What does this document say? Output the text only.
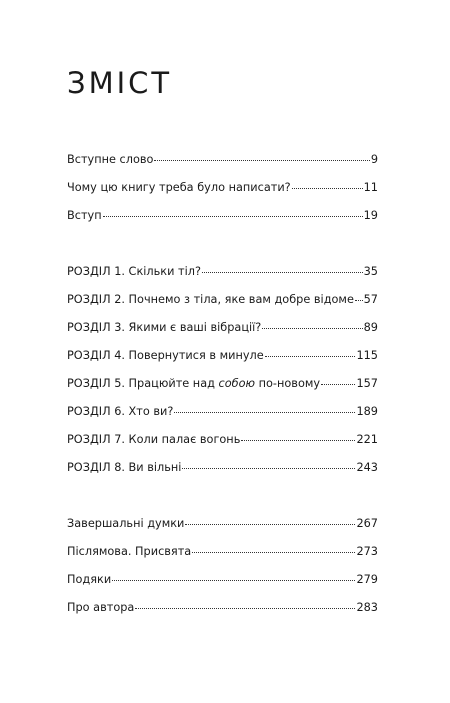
ЗМІСТ
Вступне слово	9
Чому цю книгу треба було написати?	11
Вступ	19
РОЗДІЛ 1. Скільки тіл?	35
РОЗДІЛ 2. Почнемо з тіла, яке вам добре відоме 57
РОЗДІЛ 3. Якими є ваші вібрації?	89
РОЗДІЛ 4. Повернутися в минуле	115
РОЗДІЛ 5. Працюйте над собою по-новому	157
РОЗДІЛ 6. Хто ви?	189
РОЗДІЛ 7. Коли палає вогонь	221
РОЗДІЛ 8. Ви вільні	243
Завершальні думки	267
Післямова. Присвята	273
Подяки	279
Про автора	283
